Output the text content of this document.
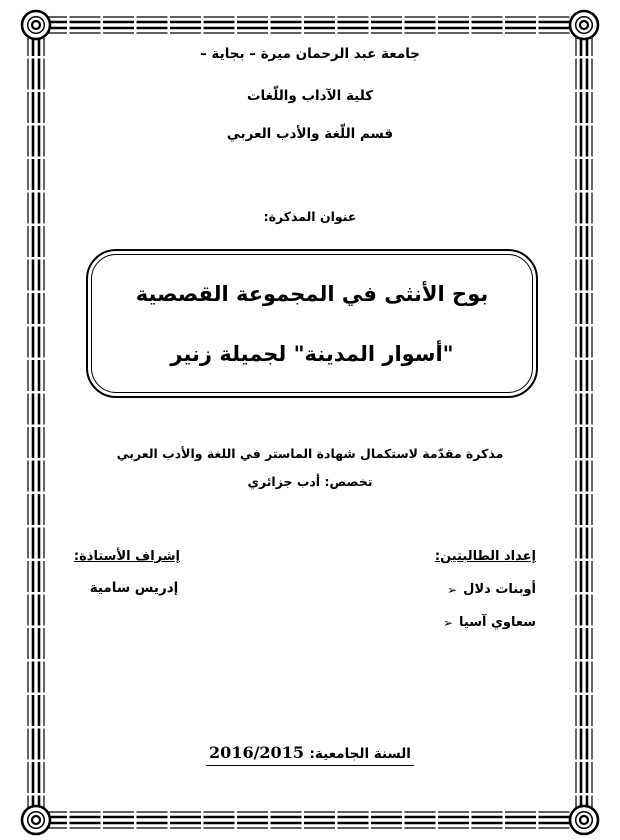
جامعة عبد الرحمان ميرة – بجاية –
كلية الآداب واللّغات
قسم اللّغة والأدب العربي
عنوان المذكرة:
بوح الأنثى في المجموعة القصصية
"أسوار المدينة" لجميلة زنير
مذكرة مقدّمة لاستكمال شهادة الماستر في اللغة والأدب العربي
تخصص: أدب جزائري
إعداد الطالبتين:
➢ أوبنات دلال
➢ سعاوي آسيا
إشراف الأستاذة:
إدريس سامية
السنة الجامعية: 2016/2015
